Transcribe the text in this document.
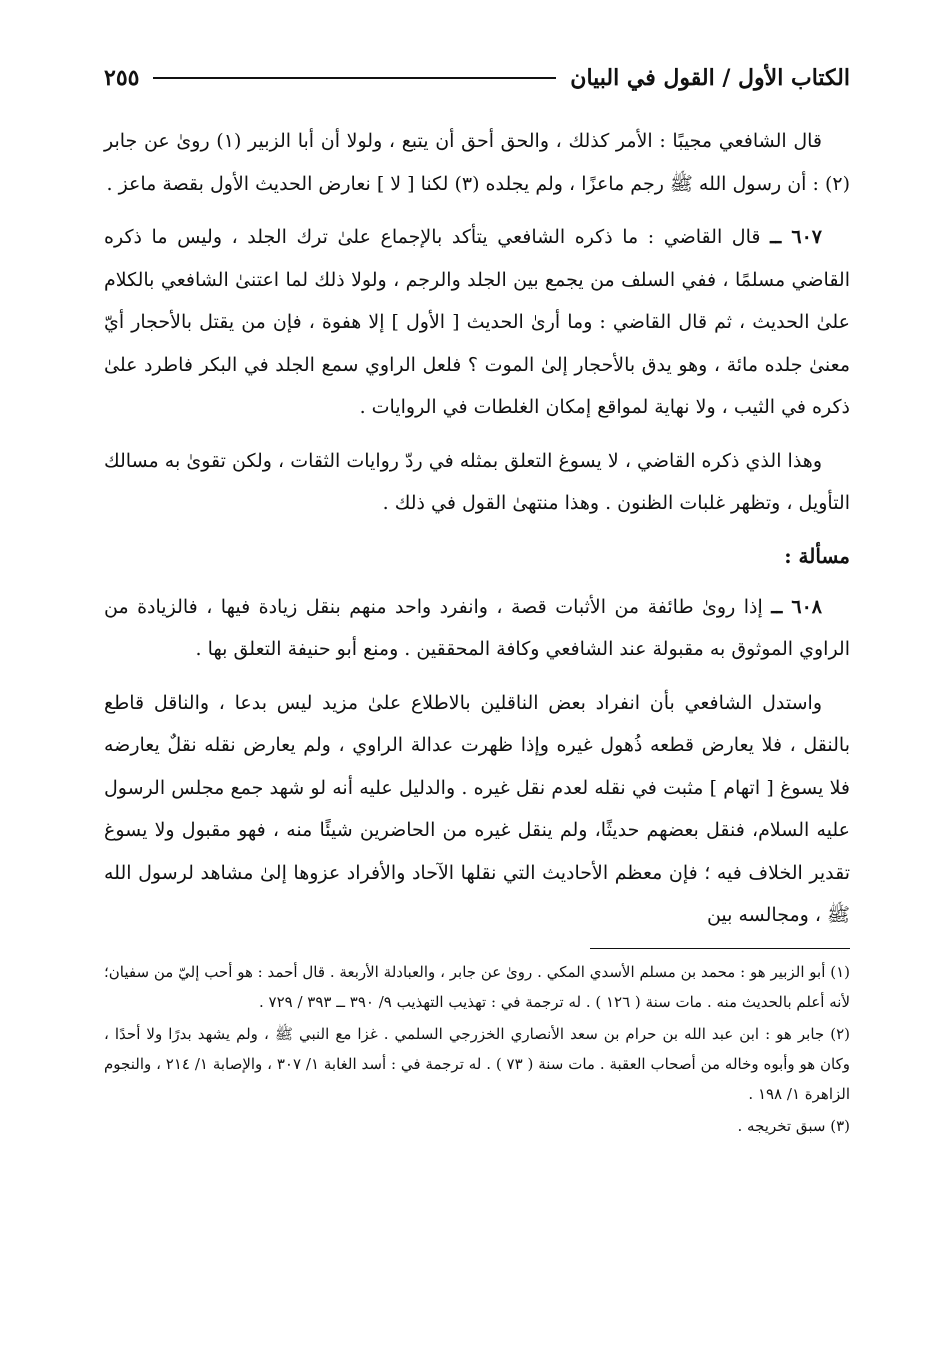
الكتاب الأول / القول في البيان
٢٥٥

قال الشافعي مجيبًا : الأمر كذلك ، والحق أحق أن يتبع ، ولولا أن أبا الزبير (١) روىٰ عن جابر (٢) : أن رسول الله ﷺ رجم ماعزًا ، ولم يجلده (٣) لكنا [ لا ] نعارض الحديث الأول بقصة ماعز .

٦٠٧ ــ قال القاضي : ما ذكره الشافعي يتأكد بالإجماع علىٰ ترك الجلد ، وليس ما ذكره القاضي مسلمًا ، ففي السلف من يجمع بين الجلد والرجم ، ولولا ذلك لما اعتنىٰ الشافعي بالكلام علىٰ الحديث ، ثم قال القاضي : وما أرىٰ الحديث [ الأول ] إلا هفوة ، فإن من يقتل بالأحجار أيّ معنىٰ جلده مائة ، وهو يدق بالأحجار إلىٰ الموت ؟ فلعل الراوي سمع الجلد في البكر فاطرد علىٰ ذكره في الثيب ، ولا نهاية لمواقع إمكان الغلطات في الروايات .

وهذا الذي ذكره القاضي ، لا يسوغ التعلق بمثله في ردّ روايات الثقات ، ولكن تقوىٰ به مسالك التأويل ، وتظهر غلبات الظنون . وهذا منتهىٰ القول في ذلك .

مسألة :

٦٠٨ ــ إذا روىٰ طائفة من الأثبات قصة ، وانفرد واحد منهم بنقل زيادة فيها ، فالزيادة من الراوي الموثوق به مقبولة عند الشافعي وكافة المحققين . ومنع أبو حنيفة التعلق بها .

واستدل الشافعي بأن انفراد بعض الناقلين بالاطلاع علىٰ مزيد ليس بدعا ، والناقل قاطع بالنقل ، فلا يعارض قطعه ذُهول غيره وإذا ظهرت عدالة الراوي ، ولم يعارض نقله نقلٌ يعارضه فلا يسوغ [ اتهام ] مثبت في نقله لعدم نقل غيره . والدليل عليه أنه لو شهد جمع مجلس الرسول عليه السلام، فنقل بعضهم حديثًا، ولم ينقل غيره من الحاضرين شيئًا منه ، فهو مقبول ولا يسوغ تقدير الخلاف فيه ؛ فإن معظم الأحاديث التي نقلها الآحاد والأفراد عزوها إلىٰ مشاهد لرسول الله ﷺ ، ومجالسه بين

(١) أبو الزبير هو : محمد بن مسلم الأسدي المكي . روىٰ عن جابر ، والعبادلة الأربعة . قال أحمد : هو أحب إليّ من سفيان؛ لأنه أعلم بالحديث منه . مات سنة ( ١٢٦ ) . له ترجمة في : تهذيب التهذيب ٩/ ٣٩٠ ــ ٣٩٣ / ٧٢٩ .

(٢) جابر هو : ابن عبد الله بن حرام بن سعد الأنصاري الخزرجي السلمي . غزا مع النبي ﷺ ، ولم يشهد بدرًا ولا أحدًا ، وكان هو وأبوه وخاله من أصحاب العقبة . مات سنة ( ٧٣ ) . له ترجمة في : أسد الغابة ١/ ٣٠٧ ، والإصابة ١/ ٢١٤ ، والنجوم الزاهرة ١/ ١٩٨ .

(٣) سبق تخريجه .
